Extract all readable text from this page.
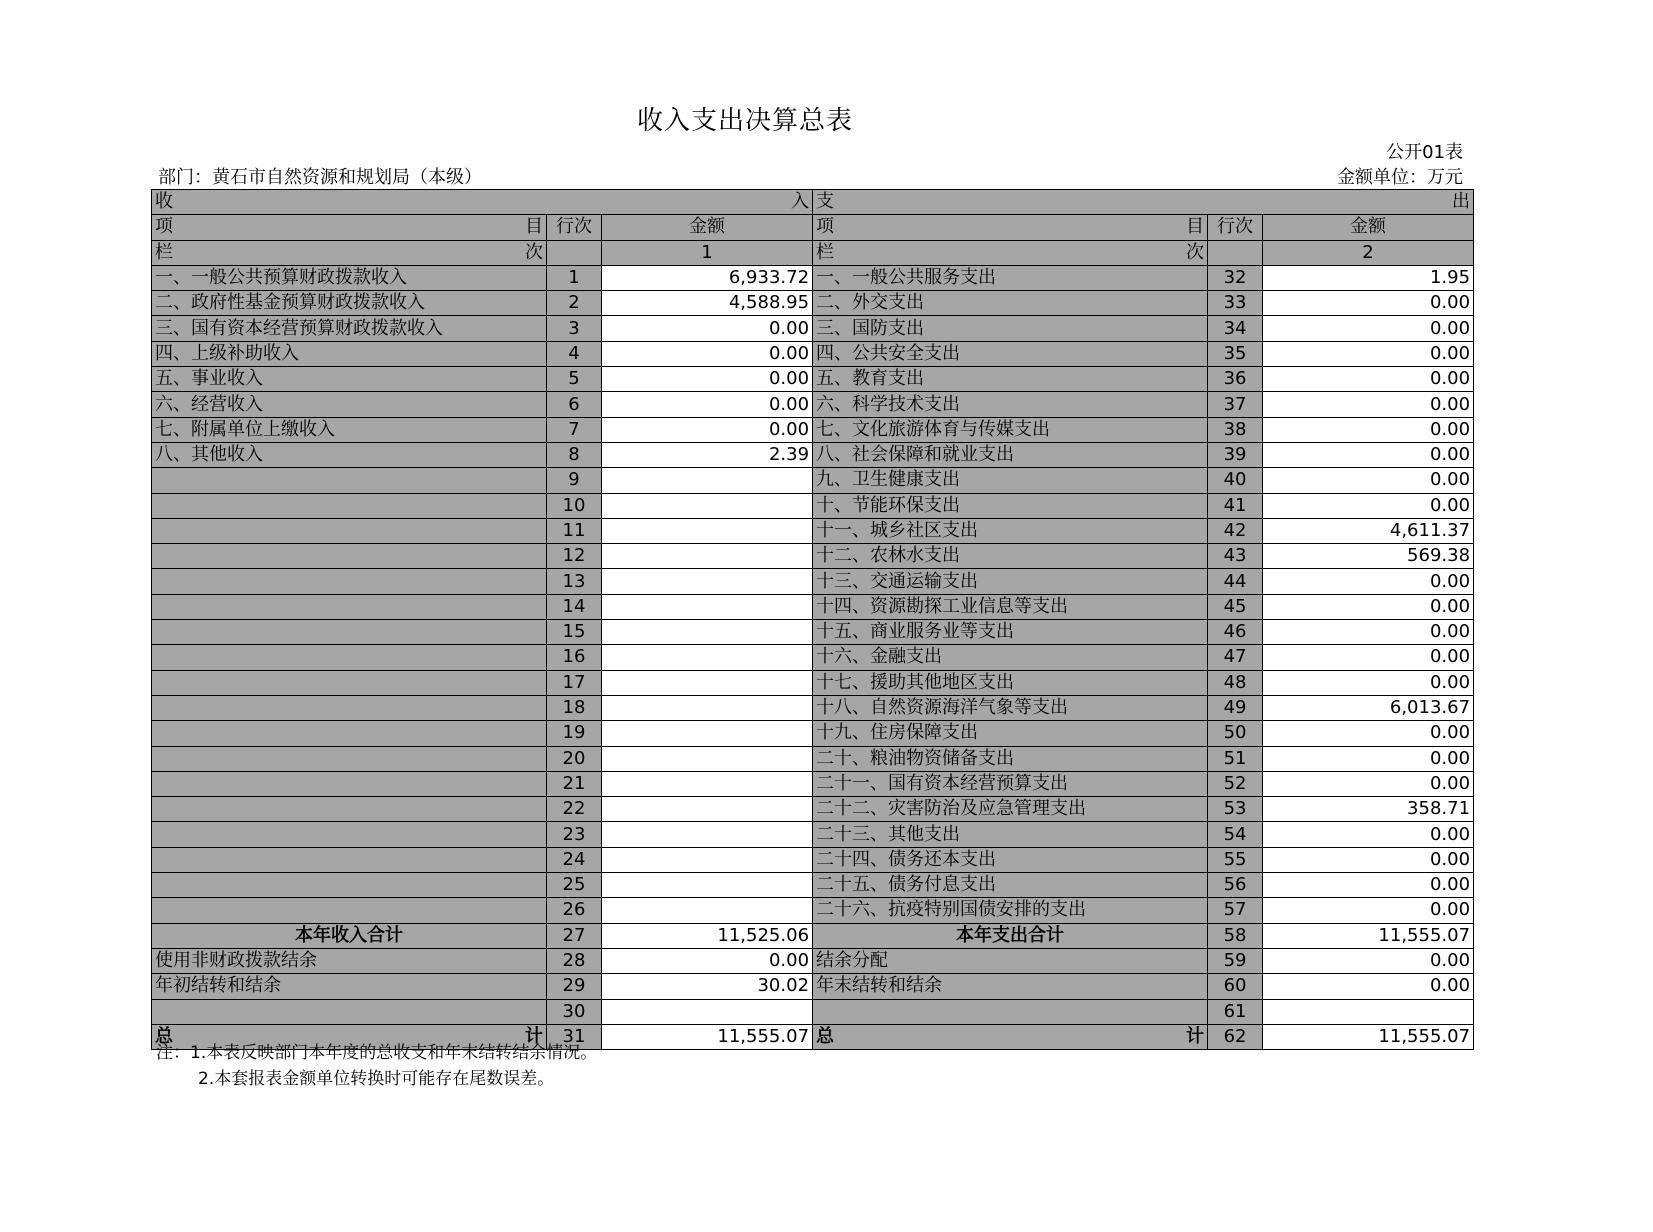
收入支出决算总表
公开01表
部门：黄石市自然资源和规划局（本级）	金额单位：万元
收 入			支 出		

项 目	行次	金额	项 目	行次	金额

栏 次		1	栏 次		2
一、一般公共预算财政拨款收入	1	6,933.72	一、一般公共服务支出	32	1.95
二、政府性基金预算财政拨款收入	2	4,588.95	二、外交支出	33	0.00
三、国有资本经营预算财政拨款收入	3	0.00	三、国防支出	34	0.00
四、上级补助收入	4	0.00	四、公共安全支出	35	0.00
五、事业收入	5	0.00	五、教育支出	36	0.00
六、经营收入	6	0.00	六、科学技术支出	37	0.00
七、附属单位上缴收入	7	0.00	七、文化旅游体育与传媒支出	38	0.00
八、其他收入	8	2.39	八、社会保障和就业支出	39	0.00
	9		九、卫生健康支出	40	0.00
	10		十、节能环保支出	41	0.00
	11		十一、城乡社区支出	42	4,611.37
	12		十二、农林水支出	43	569.38
	13		十三、交通运输支出	44	0.00
	14		十四、资源勘探工业信息等支出	45	0.00
	15		十五、商业服务业等支出	46	0.00
	16		十六、金融支出	47	0.00
	17		十七、援助其他地区支出	48	0.00
	18		十八、自然资源海洋气象等支出	49	6,013.67
	19		十九、住房保障支出	50	0.00
	20		二十、粮油物资储备支出	51	0.00
	21		二十一、国有资本经营预算支出	52	0.00
	22		二十二、灾害防治及应急管理支出	53	358.71
	23		二十三、其他支出	54	0.00
	24		二十四、债务还本支出	55	0.00
	25		二十五、债务付息支出	56	0.00
	26		二十六、抗疫特别国债安排的支出	57	0.00
本年收入合计	27	11,525.06	本年支出合计	58	11,555.07
使用非财政拨款结余	28	0.00	结余分配	59	0.00
年初结转和结余	29	30.02	年末结转和结余	60	0.00
	30			61	

总 计	31	11,555.07	总 计	62	11,555.07
注：1.本表反映部门本年度的总收支和年末结转结余情况。
2.本套报表金额单位转换时可能存在尾数误差。
